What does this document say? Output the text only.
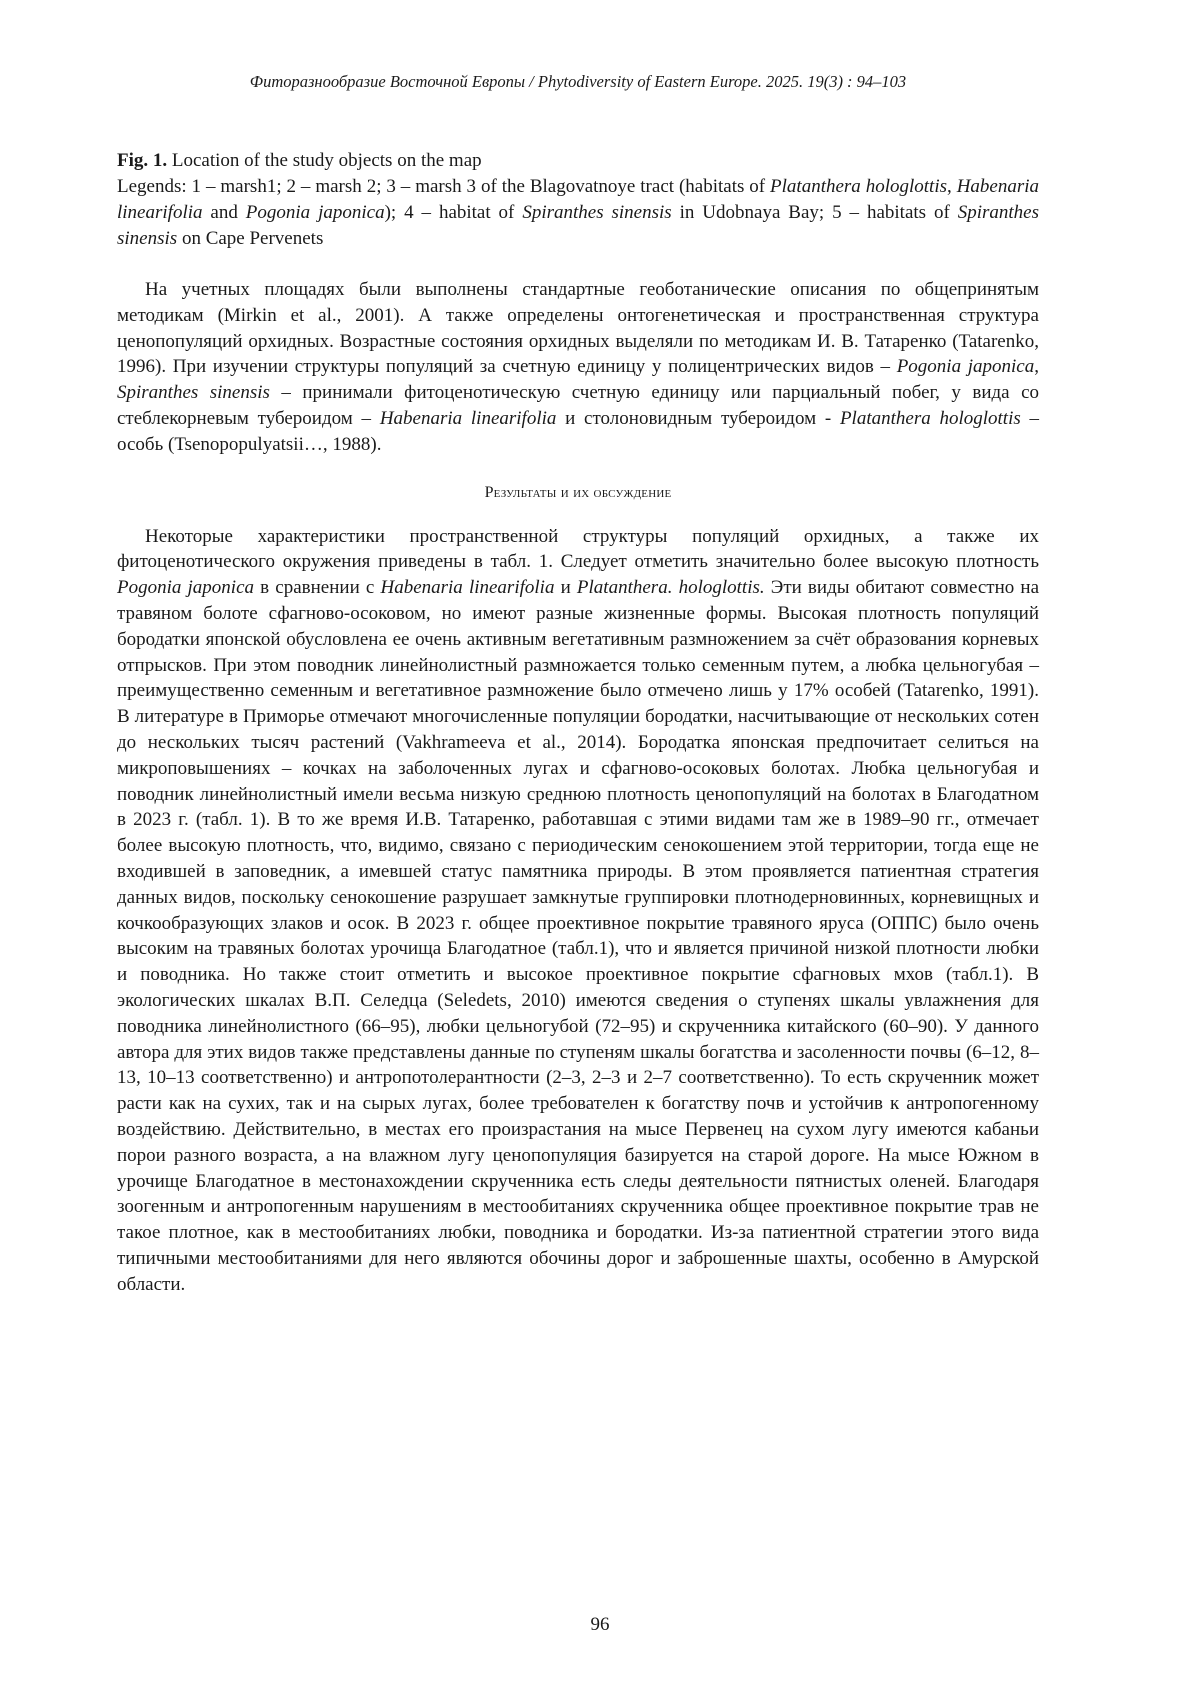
Фиторазнообразие Восточной Европы / Phytodiversity of Eastern Europe. 2025. 19(3) : 94–103

Fig. 1. Location of the study objects on the map

Legends: 1 – marsh1; 2 – marsh 2; 3 – marsh 3 of the Blagovatnoye tract (habitats of Platanthera hologlottis, Habenaria linearifolia and Pogonia japonica); 4 – habitat of Spiranthes sinensis in Udobnaya Bay; 5 – habitats of Spiranthes sinensis on Cape Pervenets

На учетных площадях были выполнены стандартные геоботанические описания по общепринятым методикам (Mirkin et al., 2001). А также определены онтогенетическая и пространственная структура ценопопуляций орхидных. Возрастные состояния орхидных выделяли по методикам И. В. Татаренко (Tatarenko, 1996). При изучении структуры популяций за счетную единицу у полицентрических видов – Pogonia japonica, Spiranthes sinensis – принимали фитоценотическую счетную единицу или парциальный побег, у вида со стеблекорневым тубероидом – Habenaria linearifolia и столоновидным тубероидом - Platanthera hologlottis – особь (Tsenopopulyatsii…, 1988).

Результаты и их обсуждение

Некоторые характеристики пространственной структуры популяций орхидных, а также их фитоценотического окружения приведены в табл. 1. Следует отметить значительно более высокую плотность Pogonia japonica в сравнении с Habenaria linearifolia и Platanthera. hologlottis. Эти виды обитают совместно на травяном болоте сфагново-осоковом, но имеют разные жизненные формы. Высокая плотность популяций бородатки японской обусловлена ее очень активным вегетативным размножением за счёт образования корневых отпрысков. При этом поводник линейнолистный размножается только семенным путем, а любка цельногубая – преимущественно семенным и вегетативное размножение было отмечено лишь у 17% особей (Tatarenko, 1991). В литературе в Приморье отмечают многочисленные популяции бородатки, насчитывающие от нескольких сотен до нескольких тысяч растений (Vakhrameeva et al., 2014). Бородатка японская предпочитает селиться на микроповышениях – кочках на заболоченных лугах и сфагново-осоковых болотах. Любка цельногубая и поводник линейнолистный имели весьма низкую среднюю плотность ценопопуляций на болотах в Благодатном в 2023 г. (табл. 1). В то же время И.В. Татаренко, работавшая с этими видами там же в 1989–90 гг., отмечает более высокую плотность, что, видимо, связано с периодическим сенокошением этой территории, тогда еще не входившей в заповедник, а имевшей статус памятника природы. В этом проявляется патиентная стратегия данных видов, поскольку сенокошение разрушает замкнутые группировки плотнодерновинных, корневищных и кочкообразующих злаков и осок. В 2023 г. общее проективное покрытие травяного яруса (ОППС) было очень высоким на травяных болотах урочища Благодатное (табл.1), что и является причиной низкой плотности любки и поводника. Но также стоит отметить и высокое проективное покрытие сфагновых мхов (табл.1). В экологических шкалах В.П. Селедца (Seledets, 2010) имеются сведения о ступенях шкалы увлажнения для поводника линейнолистного (66–95), любки цельногубой (72–95) и скрученника китайского (60–90). У данного автора для этих видов также представлены данные по ступеням шкалы богатства и засоленности почвы (6–12, 8–13, 10–13 соответственно) и антропотолерантности (2–3, 2–3 и 2–7 соответственно). То есть скрученник может расти как на сухих, так и на сырых лугах, более требователен к богатству почв и устойчив к антропогенному воздействию. Действительно, в местах его произрастания на мысе Первенец на сухом лугу имеются кабаньи порои разного возраста, а на влажном лугу ценопопуляция базируется на старой дороге. На мысе Южном в урочище Благодатное в местонахождении скрученника есть следы деятельности пятнистых оленей. Благодаря зоогенным и антропогенным нарушениям в местообитаниях скрученника общее проективное покрытие трав не такое плотное, как в местообитаниях любки, поводника и бородатки. Из-за патиентной стратегии этого вида типичными местообитаниями для него являются обочины дорог и заброшенные шахты, особенно в Амурской области.

96
